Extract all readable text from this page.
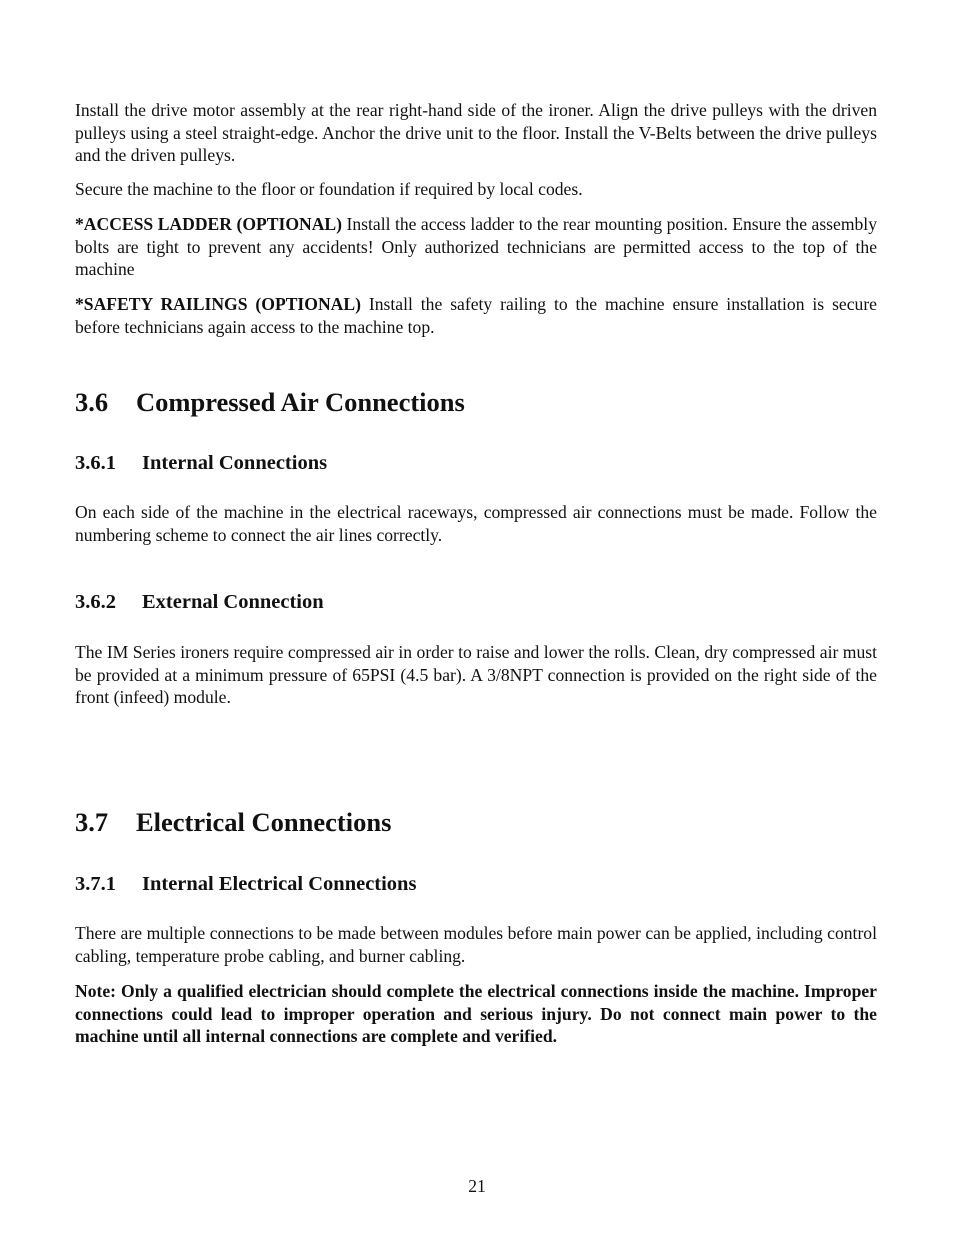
Install the drive motor assembly at the rear right-hand side of the ironer. Align the drive pulleys with the driven pulleys using a steel straight-edge. Anchor the drive unit to the floor. Install the V-Belts between the drive pulleys and the driven pulleys.

Secure the machine to the floor or foundation if required by local codes.

*ACCESS LADDER (OPTIONAL) Install the access ladder to the rear mounting position. Ensure the assembly bolts are tight to prevent any accidents! Only authorized technicians are permitted access to the top of the machine

*SAFETY RAILINGS (OPTIONAL) Install the safety railing to the machine ensure installation is secure before technicians again access to the machine top.

3.6 Compressed Air Connections
3.6.1 Internal Connections

On each side of the machine in the electrical raceways, compressed air connections must be made. Follow the numbering scheme to connect the air lines correctly.

3.6.2 External Connection

The IM Series ironers require compressed air in order to raise and lower the rolls. Clean, dry compressed air must be provided at a minimum pressure of 65PSI (4.5 bar). A 3/8NPT connection is provided on the right side of the front (infeed) module.

3.7 Electrical Connections
3.7.1 Internal Electrical Connections

There are multiple connections to be made between modules before main power can be applied, including control cabling, temperature probe cabling, and burner cabling.

Note: Only a qualified electrician should complete the electrical connections inside the machine. Improper connections could lead to improper operation and serious injury. Do not connect main power to the machine until all internal connections are complete and verified.

21
